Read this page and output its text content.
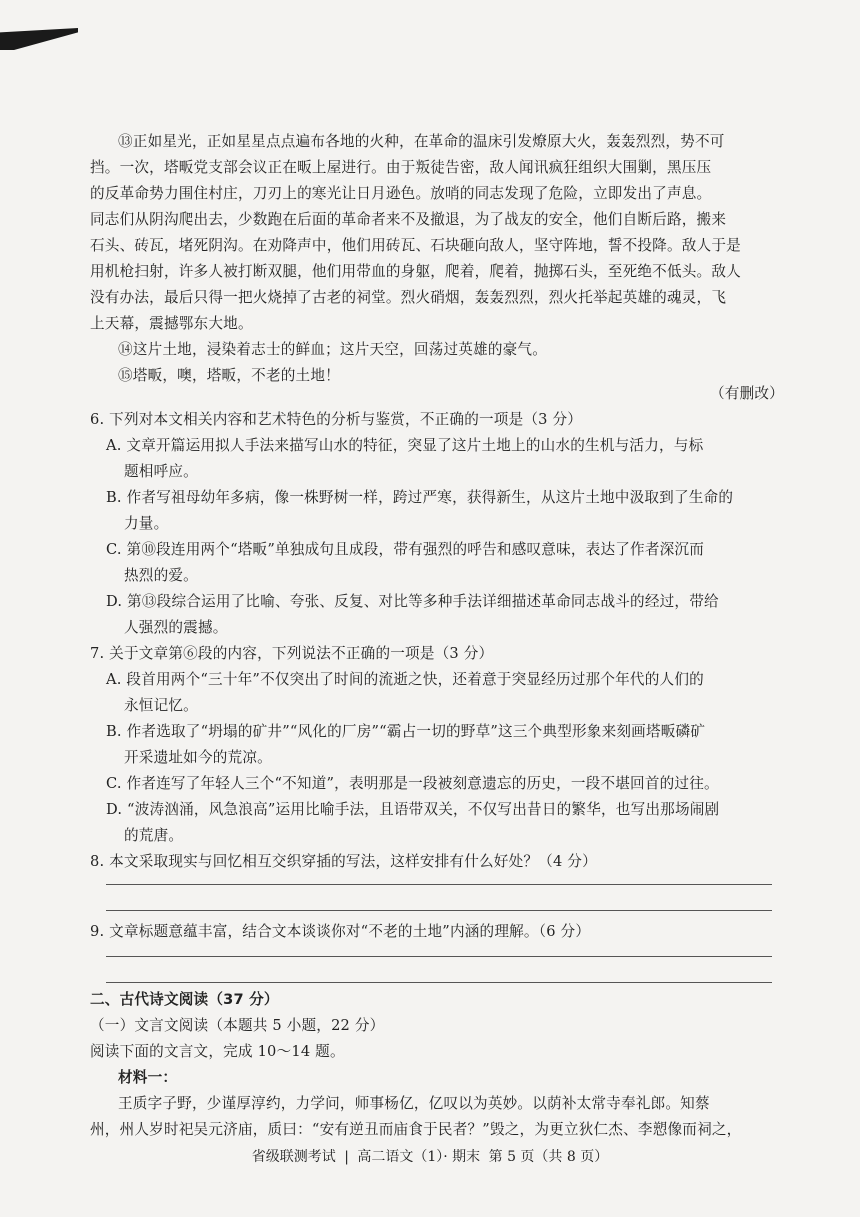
⑬正如星光，正如星星点点遍布各地的火种，在革命的温床引发燎原大火，轰轰烈烈，势不可
挡。一次，塔畈党支部会议正在畈上屋进行。由于叛徒告密，敌人闻讯疯狂组织大围剿，黑压压
的反革命势力围住村庄，刀刃上的寒光让日月逊色。放哨的同志发现了危险，立即发出了声息。
同志们从阴沟爬出去，少数跑在后面的革命者来不及撤退，为了战友的安全，他们自断后路，搬来
石头、砖瓦，堵死阴沟。在劝降声中，他们用砖瓦、石块砸向敌人，坚守阵地，誓不投降。敌人于是
用机枪扫射，许多人被打断双腿，他们用带血的身躯，爬着，爬着，抛掷石头，至死绝不低头。敌人
没有办法，最后只得一把火烧掉了古老的祠堂。烈火硝烟，轰轰烈烈，烈火托举起英雄的魂灵，飞
上天幕，震撼鄂东大地。
⑭这片土地，浸染着志士的鲜血；这片天空，回荡过英雄的豪气。
⑮塔畈，噢，塔畈，不老的土地！
（有删改）
6. 下列对本文相关内容和艺术特色的分析与鉴赏，不正确的一项是（3 分）
A. 文章开篇运用拟人手法来描写山水的特征，突显了这片土地上的山水的生机与活力，与标
题相呼应。
B. 作者写祖母幼年多病，像一株野树一样，跨过严寒，获得新生，从这片土地中汲取到了生命的
力量。
C. 第⑩段连用两个“塔畈”单独成句且成段，带有强烈的呼告和感叹意味，表达了作者深沉而
热烈的爱。
D. 第⑬段综合运用了比喻、夸张、反复、对比等多种手法详细描述革命同志战斗的经过，带给
人强烈的震撼。
7. 关于文章第⑥段的内容，下列说法不正确的一项是（3 分）
A. 段首用两个“三十年”不仅突出了时间的流逝之快，还着意于突显经历过那个年代的人们的
永恒记忆。
B. 作者选取了“坍塌的矿井”“风化的厂房”“霸占一切的野草”这三个典型形象来刻画塔畈磷矿
开采遗址如今的荒凉。
C. 作者连写了年轻人三个“不知道”，表明那是一段被刻意遗忘的历史，一段不堪回首的过往。
D. “波涛汹涌，风急浪高”运用比喻手法，且语带双关，不仅写出昔日的繁华，也写出那场闹剧
的荒唐。
8. 本文采取现实与回忆相互交织穿插的写法，这样安排有什么好处？（4 分）
9. 文章标题意蕴丰富，结合文本谈谈你对“不老的土地”内涵的理解。（6 分）
二、古代诗文阅读（37 分）
（一）文言文阅读（本题共 5 小题，22 分）
阅读下面的文言文，完成 10～14 题。
材料一：
王质字子野，少谨厚淳约，力学问，师事杨亿，亿叹以为英妙。以荫补太常寺奉礼郎。知蔡
州，州人岁时祀吴元济庙，质曰：“安有逆丑而庙食于民者？”毁之，为更立狄仁杰、李愬像而祠之，
省级联测考试 | 高二语文（1）· 期末 第 5 页（共 8 页）
